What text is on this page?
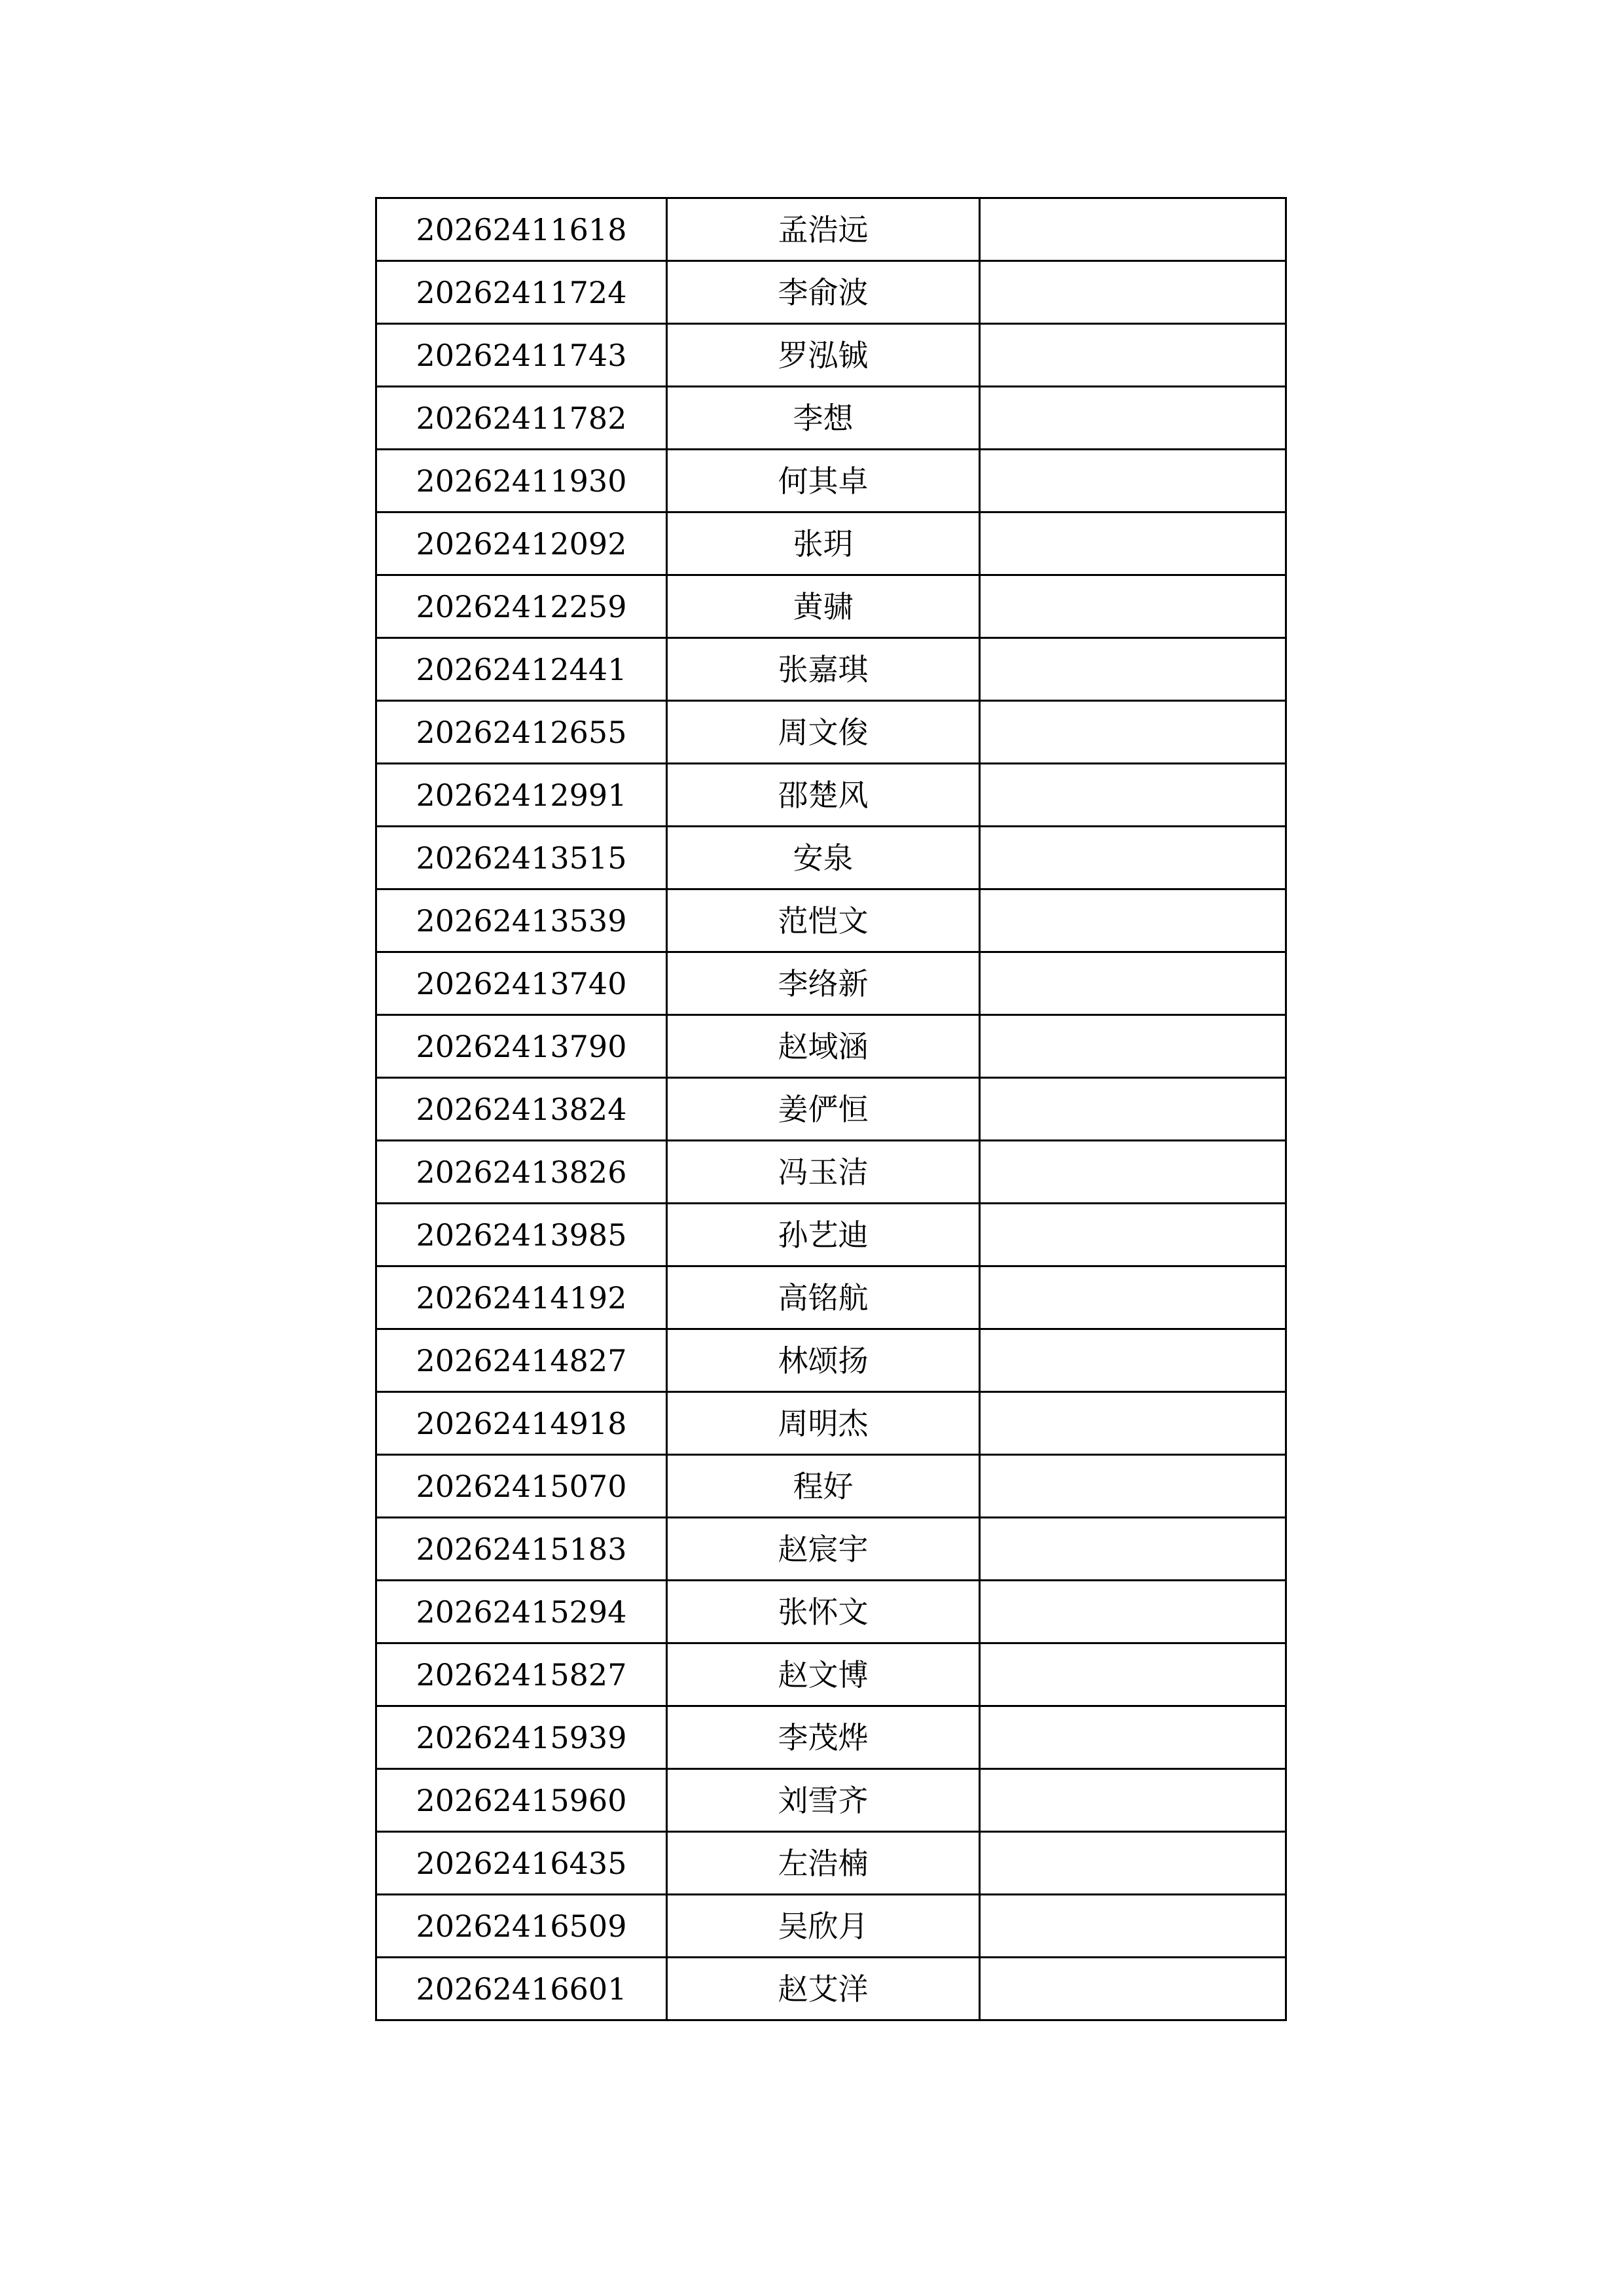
20262411618	孟浩远	
20262411724	李俞波	
20262411743	罗泓铖	
20262411782	李想	
20262411930	何其卓	
20262412092	张玥	
20262412259	黄骕	
20262412441	张嘉琪	
20262412655	周文俊	
20262412991	邵楚风	
20262413515	安泉	
20262413539	范恺文	
20262413740	李络新	
20262413790	赵域涵	
20262413824	姜俨恒	
20262413826	冯玉洁	
20262413985	孙艺迪	
20262414192	高铭航	
20262414827	林颂扬	
20262414918	周明杰	
20262415070	程好	
20262415183	赵宸宇	
20262415294	张怀文	
20262415827	赵文博	
20262415939	李茂烨	
20262415960	刘雪齐	
20262416435	左浩楠	
20262416509	吴欣月	
20262416601	赵艾洋	
